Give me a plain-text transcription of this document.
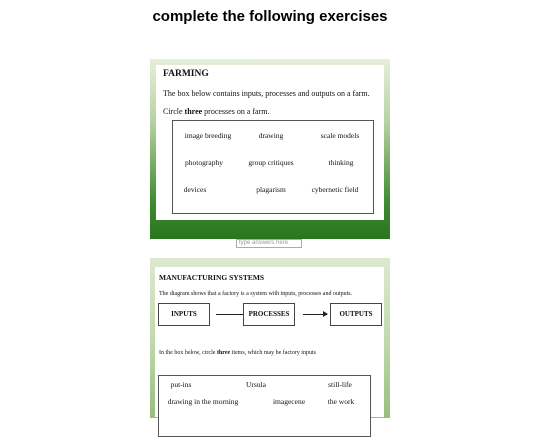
complete the following exercises
FARMING
The box below contains inputs, processes and outputs on a farm.
Circle three processes on a farm.
image breeding	drawing	scale models
photography	group critiques	thinking
devices	plagarism	cybernetic field
type answers here
MANUFACTURING SYSTEMS
The diagram shows that a factory is a system with inputs, processes and outputs.
INPUTS	PROCESSES	OUTPUTS
In the box below, circle three items, which may be factory inputs
put-ins	Ursula	still-life
drawing in the morning	imagecene	the work
